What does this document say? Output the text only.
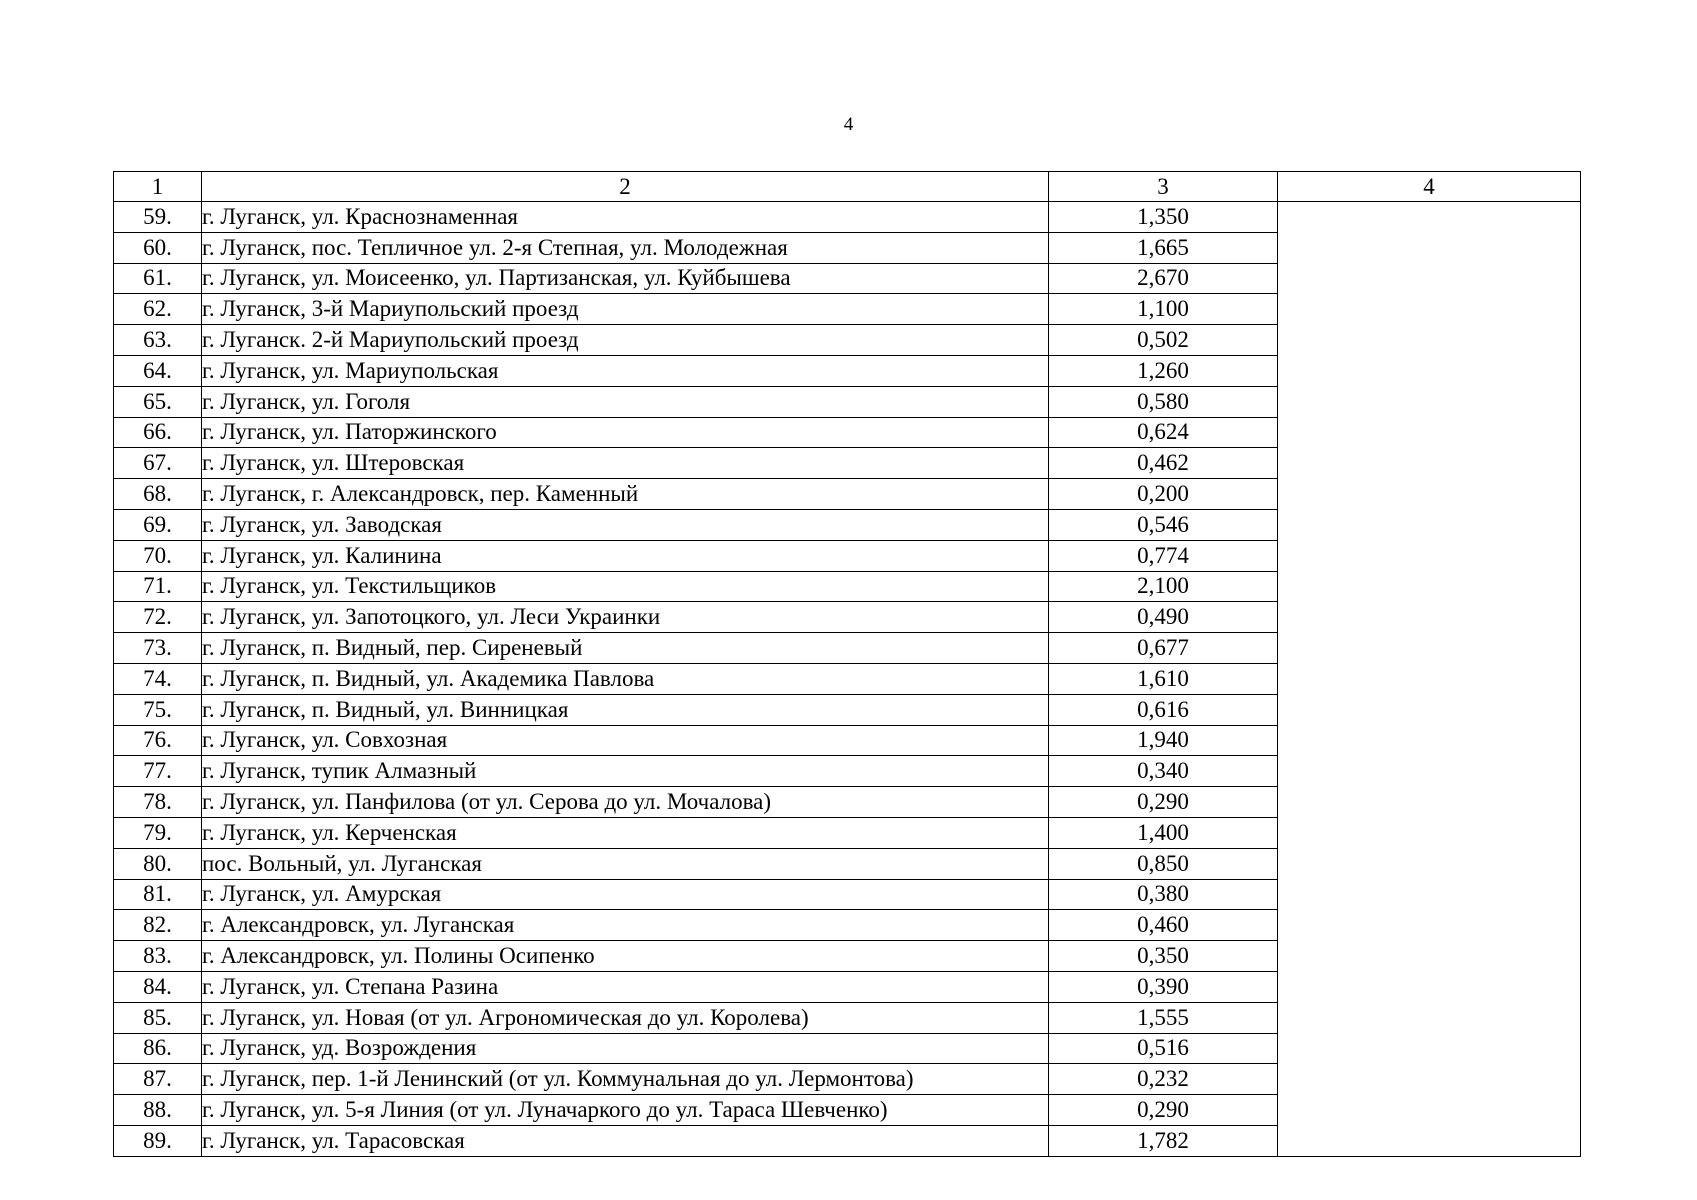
4
1	2	3	4
59.	г. Луганск, ул. Краснознаменная	1,350	
60.	г. Луганск, пос. Тепличное ул. 2-я Степная, ул. Молодежная	1,665	
61.	г. Луганск, ул. Моисеенко, ул. Партизанская, ул. Куйбышева	2,670	
62.	г. Луганск, 3-й Мариупольский проезд	1,100	
63.	г. Луганск. 2-й Мариупольский проезд	0,502	
64.	г. Луганск, ул. Мариупольская	1,260	
65.	г. Луганск, ул. Гоголя	0,580	
66.	г. Луганск, ул. Паторжинского	0,624	
67.	г. Луганск, ул. Штеровская	0,462	
68.	г. Луганск, г. Александровск, пер. Каменный	0,200	
69.	г. Луганск, ул. Заводская	0,546	
70.	г. Луганск, ул. Калинина	0,774	
71.	г. Луганск, ул. Текстильщиков	2,100	
72.	г. Луганск, ул. Запотоцкого, ул. Леси Украинки	0,490	
73.	г. Луганск, п. Видный, пер. Сиреневый	0,677	
74.	г. Луганск, п. Видный, ул. Академика Павлова	1,610	
75.	г. Луганск, п. Видный, ул. Винницкая	0,616	
76.	г. Луганск, ул. Совхозная	1,940	
77.	г. Луганск, тупик Алмазный	0,340	
78.	г. Луганск, ул. Панфилова (от ул. Серова до ул. Мочалова)	0,290	
79.	г. Луганск, ул. Керченская	1,400	
80.	пос. Вольный, ул. Луганская	0,850	
81.	г. Луганск, ул. Амурская	0,380	
82.	г. Александровск, ул. Луганская	0,460	
83.	г. Александровск, ул. Полины Осипенко	0,350	
84.	г. Луганск, ул. Степана Разина	0,390	
85.	г. Луганск, ул. Новая (от ул. Агрономическая до ул. Королева)	1,555	
86.	г. Луганск, уд. Возрождения	0,516	
87.	г. Луганск, пер. 1-й Ленинский (от ул. Коммунальная до ул. Лермонтова)	0,232	
88.	г. Луганск, ул. 5-я Линия (от ул. Луначаркого до ул. Тараса Шевченко)	0,290	
89.	г. Луганск, ул. Тарасовская	1,782	
